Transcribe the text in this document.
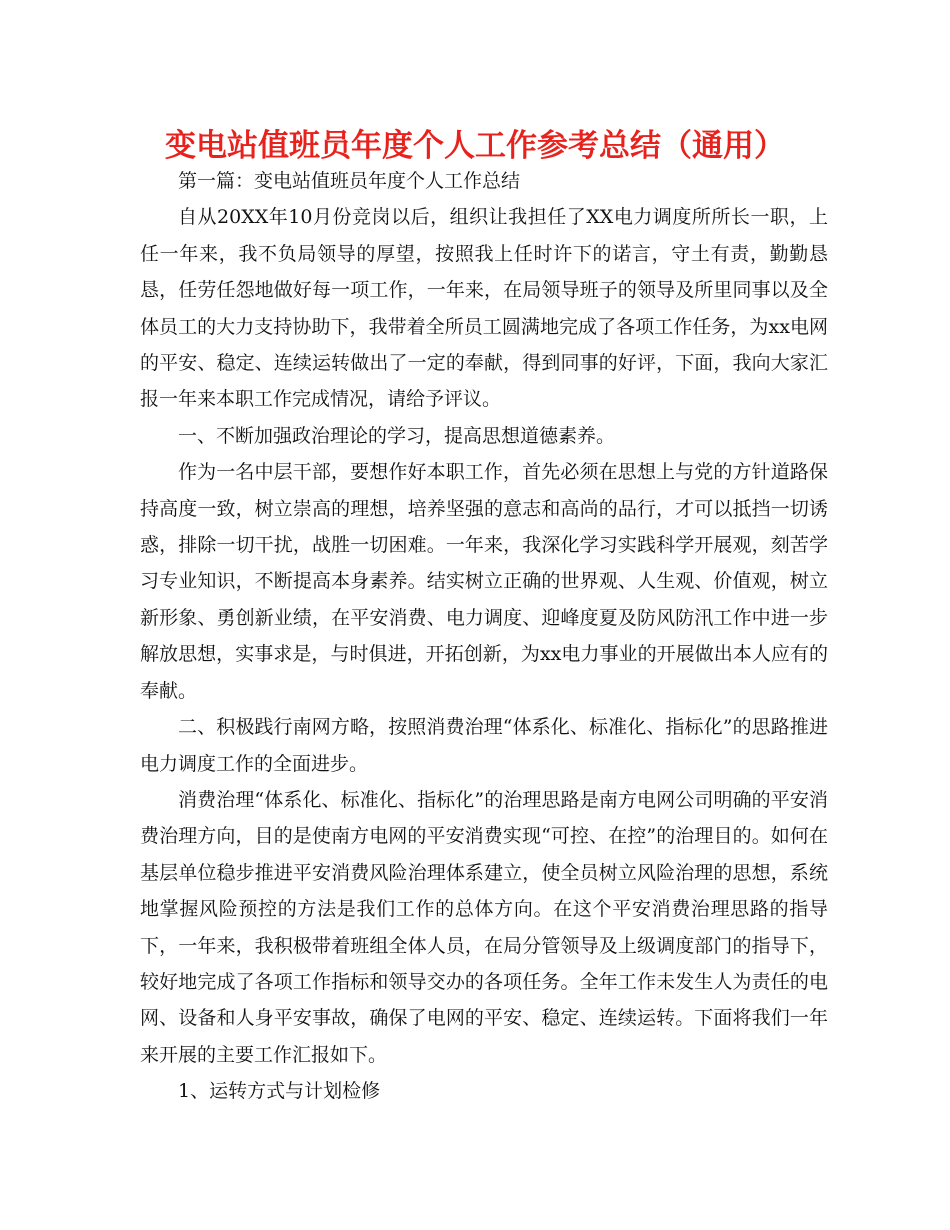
变电站值班员年度个人工作参考总结（通用）

第一篇：变电站值班员年度个人工作总结

自从20XX年10月份竞岗以后，组织让我担任了XX电力调度所所长一职，上任一年来，我不负局领导的厚望，按照我上任时许下的诺言，守土有责，勤勤恳恳，任劳任怨地做好每一项工作，一年来，在局领导班子的领导及所里同事以及全体员工的大力支持协助下，我带着全所员工圆满地完成了各项工作任务，为xx电网的平安、稳定、连续运转做出了一定的奉献，得到同事的好评，下面，我向大家汇报一年来本职工作完成情况，请给予评议。

一、不断加强政治理论的学习，提高思想道德素养。

作为一名中层干部，要想作好本职工作，首先必须在思想上与党的方针道路保持高度一致，树立崇高的理想，培养坚强的意志和高尚的品行，才可以抵挡一切诱惑，排除一切干扰，战胜一切困难。一年来，我深化学习实践科学开展观，刻苦学习专业知识，不断提高本身素养。结实树立正确的世界观、人生观、价值观，树立新形象、勇创新业绩，在平安消费、电力调度、迎峰度夏及防风防汛工作中进一步解放思想，实事求是，与时俱进，开拓创新，为xx电力事业的开展做出本人应有的奉献。

二、积极践行南网方略，按照消费治理“体系化、标准化、指标化”的思路推进电力调度工作的全面进步。

消费治理“体系化、标准化、指标化”的治理思路是南方电网公司明确的平安消费治理方向，目的是使南方电网的平安消费实现“可控、在控”的治理目的。如何在基层单位稳步推进平安消费风险治理体系建立，使全员树立风险治理的思想，系统地掌握风险预控的方法是我们工作的总体方向。在这个平安消费治理思路的指导下，一年来，我积极带着班组全体人员，在局分管领导及上级调度部门的指导下，较好地完成了各项工作指标和领导交办的各项任务。全年工作未发生人为责任的电网、设备和人身平安事故，确保了电网的平安、稳定、连续运转。下面将我们一年来开展的主要工作汇报如下。

1、运转方式与计划检修
